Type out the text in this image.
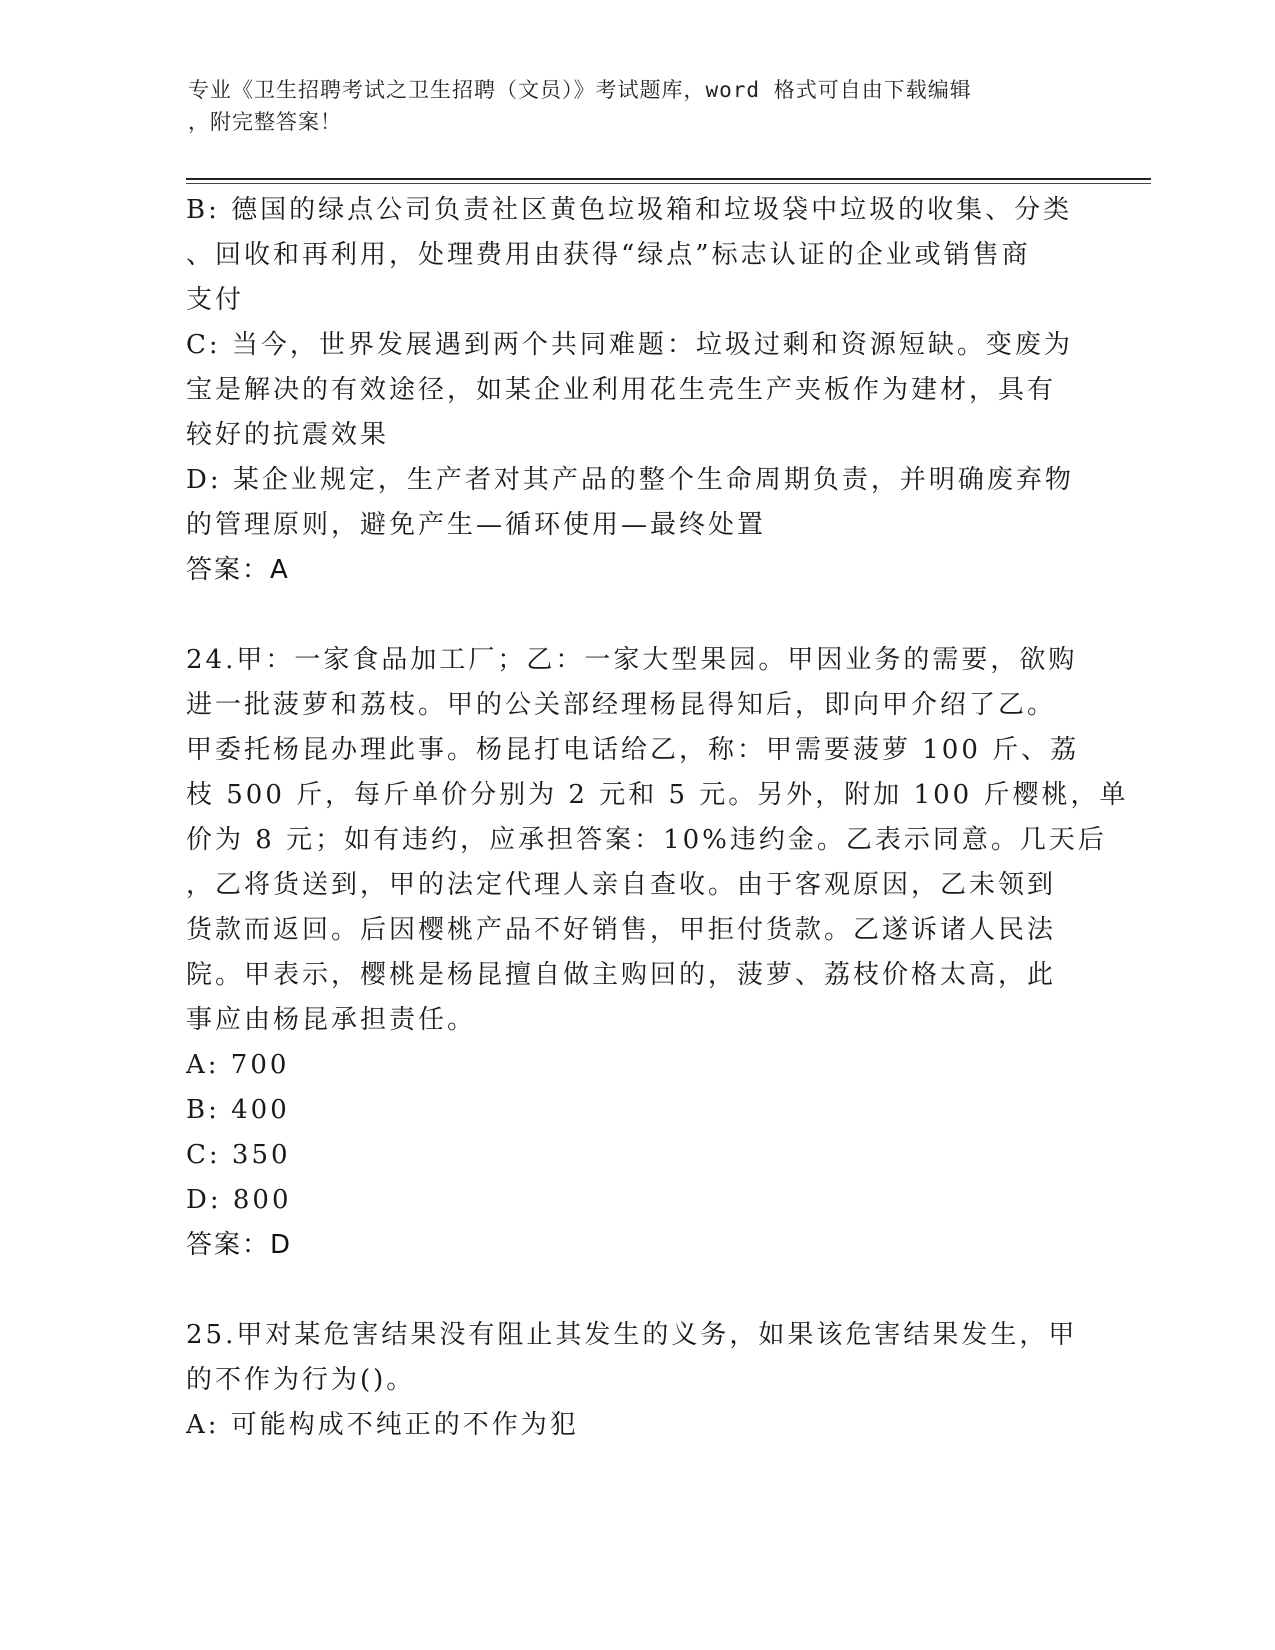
专业《卫生招聘考试之卫生招聘（文员）》考试题库，word 格式可自由下载编辑
，附完整答案！
B: 德国的绿点公司负责社区黄色垃圾箱和垃圾袋中垃圾的收集、分类
、回收和再利用，处理费用由获得“绿点”标志认证的企业或销售商
支付
C: 当今，世界发展遇到两个共同难题：垃圾过剩和资源短缺。变废为
宝是解决的有效途径，如某企业利用花生壳生产夹板作为建材，具有
较好的抗震效果
D: 某企业规定，生产者对其产品的整个生命周期负责，并明确废弃物
的管理原则，避免产生—循环使用—最终处置
答案：A
24.甲：一家食品加工厂；乙：一家大型果园。甲因业务的需要，欲购
进一批菠萝和荔枝。甲的公关部经理杨昆得知后，即向甲介绍了乙。
甲委托杨昆办理此事。杨昆打电话给乙，称：甲需要菠萝 100 斤、荔
枝 500 斤，每斤单价分别为 2 元和 5 元。另外，附加 100 斤樱桃，单
价为 8 元；如有违约，应承担答案：10%违约金。乙表示同意。几天后
，乙将货送到，甲的法定代理人亲自查收。由于客观原因，乙未领到
货款而返回。后因樱桃产品不好销售，甲拒付货款。乙遂诉诸人民法
院。甲表示，樱桃是杨昆擅自做主购回的，菠萝、荔枝价格太高，此
事应由杨昆承担责任。
A: 700
B: 400
C: 350
D: 800
答案：D
25.甲对某危害结果没有阻止其发生的义务，如果该危害结果发生，甲
的不作为行为()。
A: 可能构成不纯正的不作为犯
